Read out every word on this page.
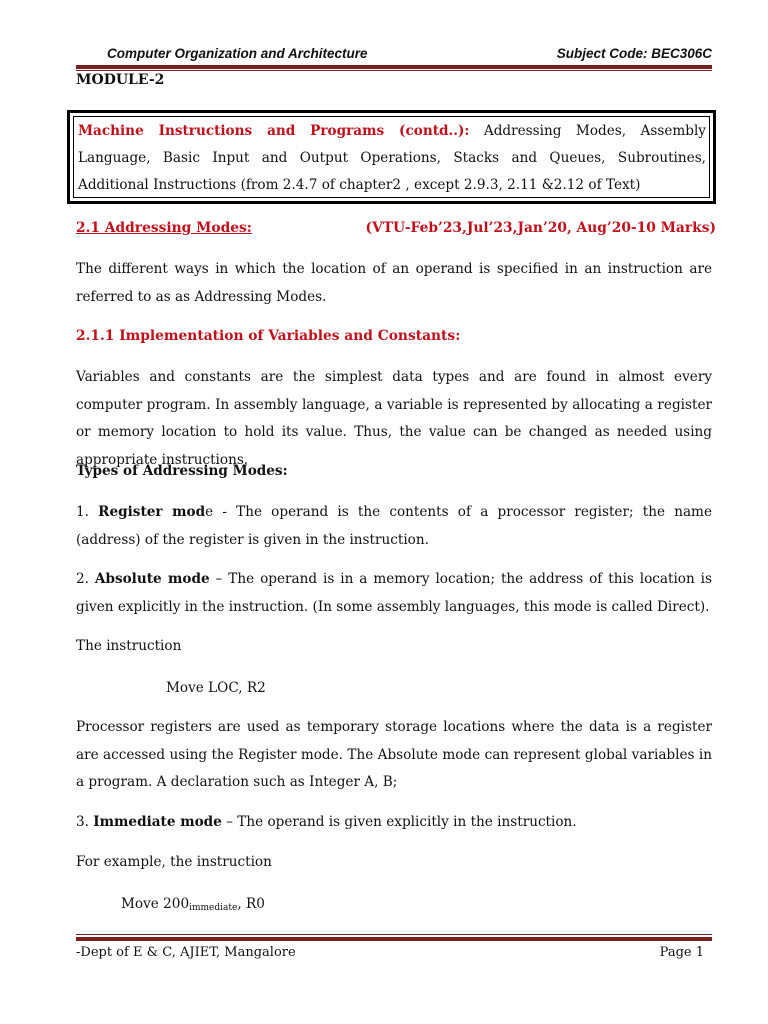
Computer Organization and Architecture	Subject Code: BEC306C
MODULE-2
Machine Instructions and Programs (contd..): Addressing Modes, Assembly Language, Basic Input and Output Operations, Stacks and Queues, Subroutines, Additional Instructions (from 2.4.7 of chapter2 , except 2.9.3, 2.11 &2.12 of Text)
2.1 Addressing Modes:	(VTU-Feb’23,Jul’23,Jan’20, Aug’20-10 Marks)
The different ways in which the location of an operand is specified in an instruction are referred to as as Addressing Modes.
2.1.1 Implementation of Variables and Constants:
Variables and constants are the simplest data types and are found in almost every computer program. In assembly language, a variable is represented by allocating a register or memory location to hold its value. Thus, the value can be changed as needed using appropriate instructions.
Types of Addressing Modes:
1. Register mode - The operand is the contents of a processor register; the name (address) of the register is given in the instruction.
2. Absolute mode – The operand is in a memory location; the address of this location is given explicitly in the instruction. (In some assembly languages, this mode is called Direct).
The instruction
Move LOC, R2
Processor registers are used as temporary storage locations where the data is a register are accessed using the Register mode. The Absolute mode can represent global variables in a program. A declaration such as Integer A, B;
3. Immediate mode – The operand is given explicitly in the instruction.
For example, the instruction
Move $200_{immediate}$, R0
-Dept of E & C, AJIET, Mangalore	Page 1
